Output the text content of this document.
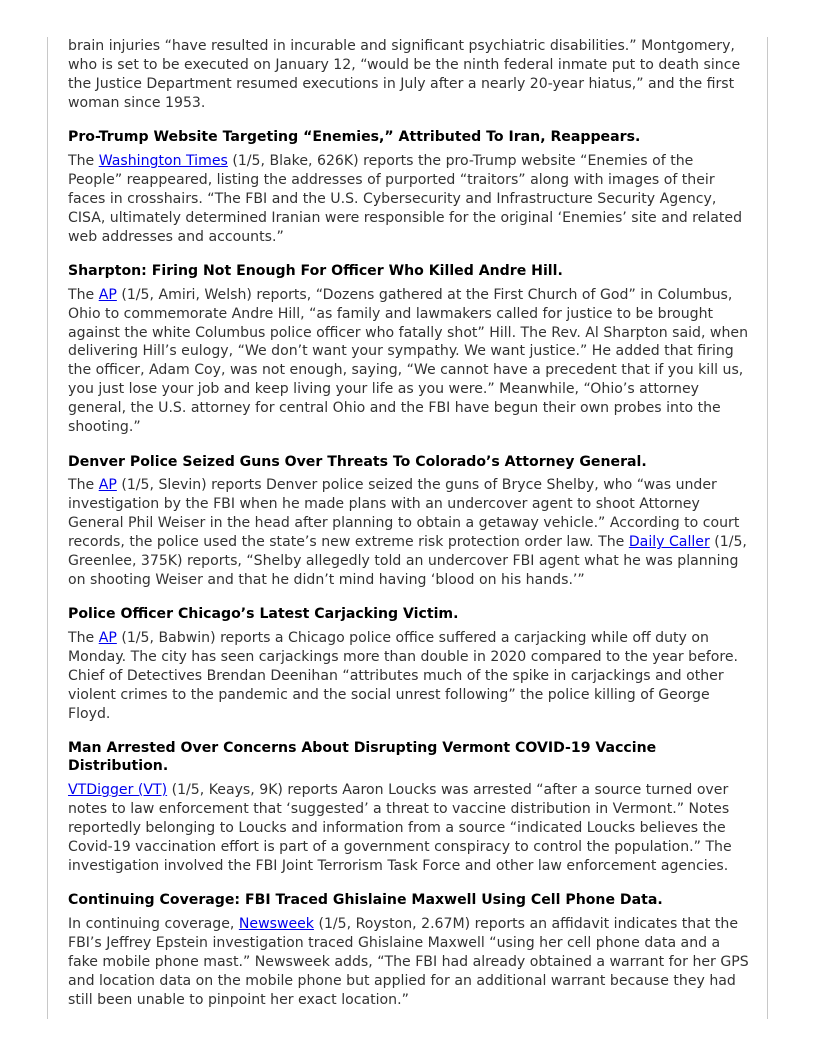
brain injuries “have resulted in incurable and significant psychiatric disabilities.” Montgomery, who is set to be executed on January 12, “would be the ninth federal inmate put to death since the Justice Department resumed executions in July after a nearly 20-year hiatus,” and the first woman since 1953.

Pro-Trump Website Targeting “Enemies,” Attributed To Iran, Reappears.

The Washington Times (1/5, Blake, 626K) reports the pro-Trump website “Enemies of the People” reappeared, listing the addresses of purported “traitors” along with images of their faces in crosshairs. “The FBI and the U.S. Cybersecurity and Infrastructure Security Agency, CISA, ultimately determined Iranian were responsible for the original ‘Enemies’ site and related web addresses and accounts.”

Sharpton: Firing Not Enough For Officer Who Killed Andre Hill.

The AP (1/5, Amiri, Welsh) reports, “Dozens gathered at the First Church of God” in Columbus, Ohio to commemorate Andre Hill, “as family and lawmakers called for justice to be brought against the white Columbus police officer who fatally shot” Hill. The Rev. Al Sharpton said, when delivering Hill’s eulogy, “We don’t want your sympathy. We want justice.” He added that firing the officer, Adam Coy, was not enough, saying, “We cannot have a precedent that if you kill us, you just lose your job and keep living your life as you were.” Meanwhile, “Ohio’s attorney general, the U.S. attorney for central Ohio and the FBI have begun their own probes into the shooting.”

Denver Police Seized Guns Over Threats To Colorado’s Attorney General.

The AP (1/5, Slevin) reports Denver police seized the guns of Bryce Shelby, who “was under investigation by the FBI when he made plans with an undercover agent to shoot Attorney General Phil Weiser in the head after planning to obtain a getaway vehicle.” According to court records, the police used the state’s new extreme risk protection order law. The Daily Caller (1/5, Greenlee, 375K) reports, “Shelby allegedly told an undercover FBI agent what he was planning on shooting Weiser and that he didn’t mind having ‘blood on his hands.’”

Police Officer Chicago’s Latest Carjacking Victim.

The AP (1/5, Babwin) reports a Chicago police office suffered a carjacking while off duty on Monday. The city has seen carjackings more than double in 2020 compared to the year before. Chief of Detectives Brendan Deenihan “attributes much of the spike in carjackings and other violent crimes to the pandemic and the social unrest following” the police killing of George Floyd.

Man Arrested Over Concerns About Disrupting Vermont COVID-19 Vaccine Distribution.

VTDigger (VT) (1/5, Keays, 9K) reports Aaron Loucks was arrested “after a source turned over notes to law enforcement that ‘suggested’ a threat to vaccine distribution in Vermont.” Notes reportedly belonging to Loucks and information from a source “indicated Loucks believes the Covid-19 vaccination effort is part of a government conspiracy to control the population.” The investigation involved the FBI Joint Terrorism Task Force and other law enforcement agencies.

Continuing Coverage: FBI Traced Ghislaine Maxwell Using Cell Phone Data.

In continuing coverage, Newsweek (1/5, Royston, 2.67M) reports an affidavit indicates that the FBI’s Jeffrey Epstein investigation traced Ghislaine Maxwell “using her cell phone data and a fake mobile phone mast.” Newsweek adds, “The FBI had already obtained a warrant for her GPS and location data on the mobile phone but applied for an additional warrant because they had still been unable to pinpoint her exact location.”
